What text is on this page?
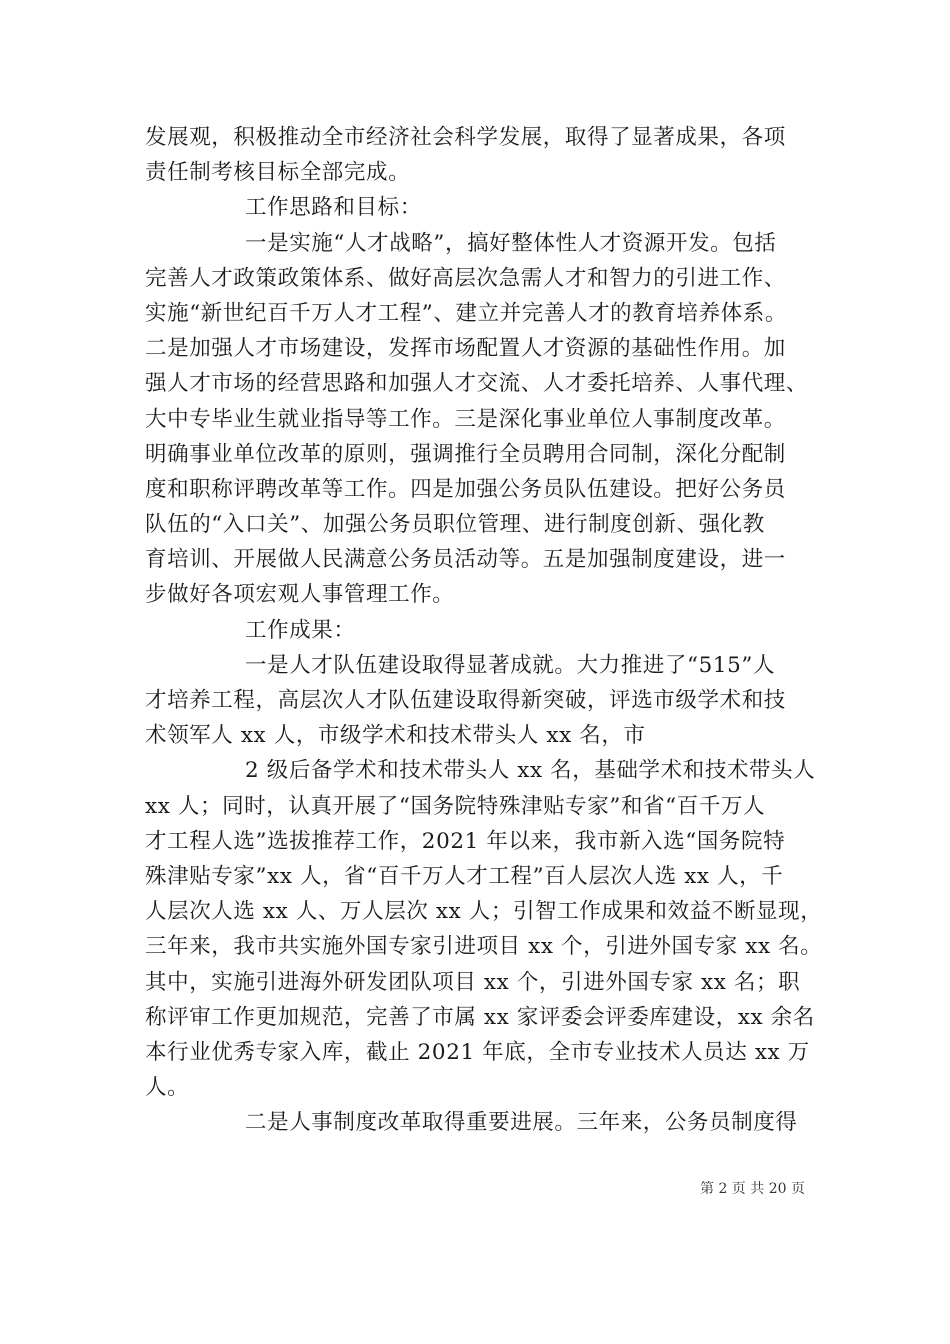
发展观，积极推动全市经济社会科学发展，取得了显著成果，各项
责任制考核目标全部完成。
工作思路和目标：
一是实施“人才战略”，搞好整体性人才资源开发。包括
完善人才政策政策体系、做好高层次急需人才和智力的引进工作、
实施“新世纪百千万人才工程”、建立并完善人才的教育培养体系。
二是加强人才市场建设，发挥市场配置人才资源的基础性作用。加
强人才市场的经营思路和加强人才交流、人才委托培养、人事代理、
大中专毕业生就业指导等工作。三是深化事业单位人事制度改革。
明确事业单位改革的原则，强调推行全员聘用合同制，深化分配制
度和职称评聘改革等工作。四是加强公务员队伍建设。把好公务员
队伍的“入口关”、加强公务员职位管理、进行制度创新、强化教
育培训、开展做人民满意公务员活动等。五是加强制度建设，进一
步做好各项宏观人事管理工作。
工作成果：
一是人才队伍建设取得显著成就。大力推进了“515”人
才培养工程，高层次人才队伍建设取得新突破，评选市级学术和技
术领军人 xx 人，市级学术和技术带头人 xx 名，市
2 级后备学术和技术带头人 xx 名，基础学术和技术带头人
xx 人；同时，认真开展了“国务院特殊津贴专家”和省“百千万人
才工程人选”选拔推荐工作，2021 年以来，我市新入选“国务院特
殊津贴专家”xx 人，省“百千万人才工程”百人层次人选 xx 人，千
人层次人选 xx 人、万人层次 xx 人；引智工作成果和效益不断显现，
三年来，我市共实施外国专家引进项目 xx 个，引进外国专家 xx 名。
其中，实施引进海外研发团队项目 xx 个，引进外国专家 xx 名；职
称评审工作更加规范，完善了市属 xx 家评委会评委库建设，xx 余名
本行业优秀专家入库，截止 2021 年底，全市专业技术人员达 xx 万
人。
二是人事制度改革取得重要进展。三年来，公务员制度得
第 2 页 共 20 页
